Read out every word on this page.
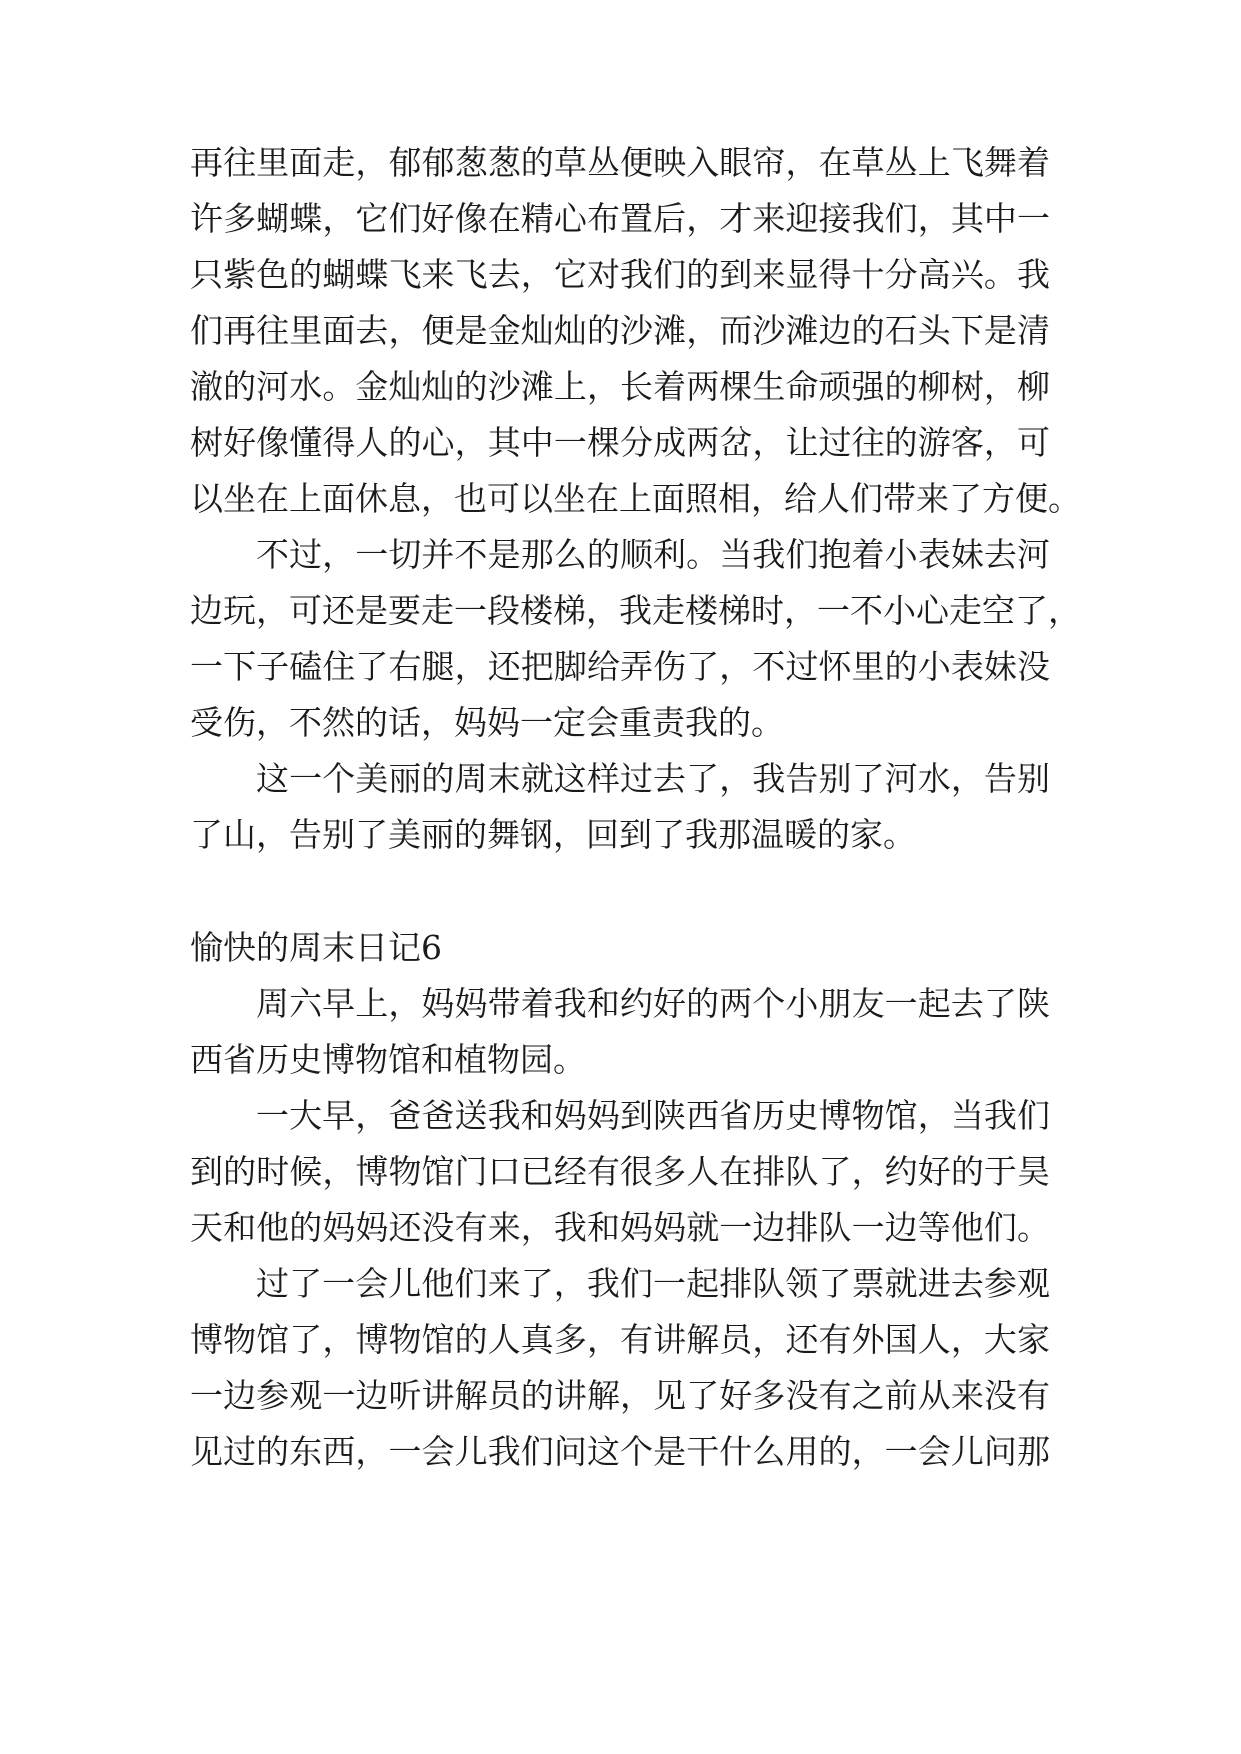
再往里面走，郁郁葱葱的草丛便映入眼帘，在草丛上飞舞着
许多蝴蝶，它们好像在精心布置后，才来迎接我们，其中一
只紫色的蝴蝶飞来飞去，它对我们的到来显得十分高兴。我
们再往里面去，便是金灿灿的沙滩，而沙滩边的石头下是清
澈的河水。金灿灿的沙滩上，长着两棵生命顽强的柳树，柳
树好像懂得人的心，其中一棵分成两岔，让过往的游客，可
以坐在上面休息，也可以坐在上面照相，给人们带来了方便。
不过，一切并不是那么的顺利。当我们抱着小表妹去河
边玩，可还是要走一段楼梯，我走楼梯时，一不小心走空了，
一下子磕住了右腿，还把脚给弄伤了，不过怀里的小表妹没
受伤，不然的话，妈妈一定会重责我的。
这一个美丽的周末就这样过去了，我告别了河水，告别
了山，告别了美丽的舞钢，回到了我那温暖的家。
愉快的周末日记6
周六早上，妈妈带着我和约好的两个小朋友一起去了陕
西省历史博物馆和植物园。
一大早，爸爸送我和妈妈到陕西省历史博物馆，当我们
到的时候，博物馆门口已经有很多人在排队了，约好的于昊
天和他的妈妈还没有来，我和妈妈就一边排队一边等他们。
过了一会儿他们来了，我们一起排队领了票就进去参观
博物馆了，博物馆的人真多，有讲解员，还有外国人，大家
一边参观一边听讲解员的讲解，见了好多没有之前从来没有
见过的东西，一会儿我们问这个是干什么用的，一会儿问那
